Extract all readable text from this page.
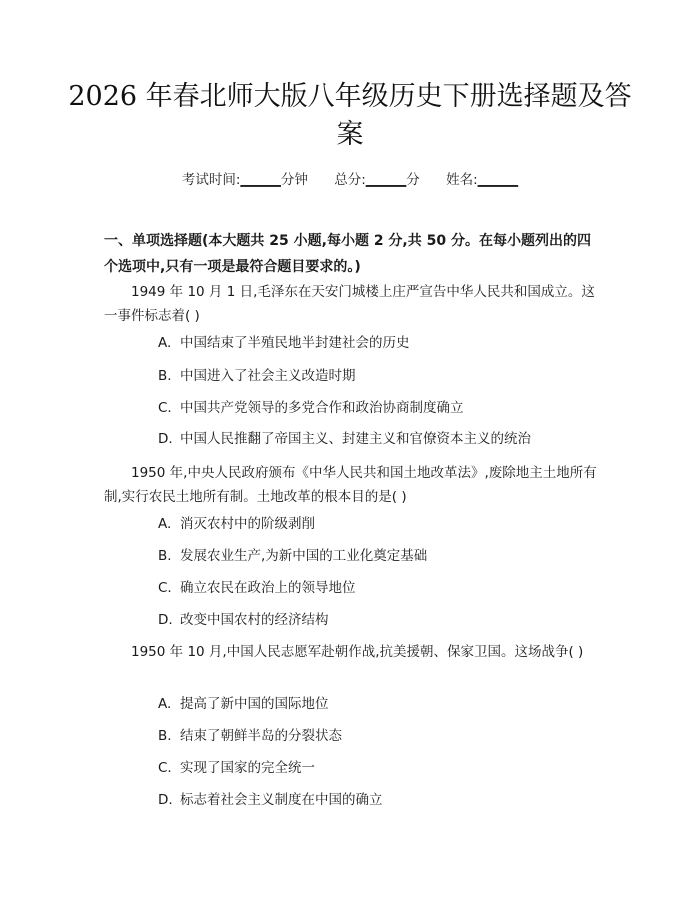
2026 年春北师大版八年级历史下册选择题及答案
考试时间:______分钟 总分:______分 姓名:______
一、单项选择题(本大题共 25 小题,每小题 2 分,共 50 分。在每小题列出的四个选项中,只有一项是最符合题目要求的。)
1949 年 10 月 1 日,毛泽东在天安门城楼上庄严宣告中华人民共和国成立。这一事件标志着( )
A. 中国结束了半殖民地半封建社会的历史
B. 中国进入了社会主义改造时期
C. 中国共产党领导的多党合作和政治协商制度确立
D. 中国人民推翻了帝国主义、封建主义和官僚资本主义的统治
1950 年,中央人民政府颁布《中华人民共和国土地改革法》,废除地主土地所有制,实行农民土地所有制。土地改革的根本目的是( )
A. 消灭农村中的阶级剥削
B. 发展农业生产,为新中国的工业化奠定基础
C. 确立农民在政治上的领导地位
D. 改变中国农村的经济结构
1950 年 10 月,中国人民志愿军赴朝作战,抗美援朝、保家卫国。这场战争( )
A. 提高了新中国的国际地位
B. 结束了朝鲜半岛的分裂状态
C. 实现了国家的完全统一
D. 标志着社会主义制度在中国的确立
